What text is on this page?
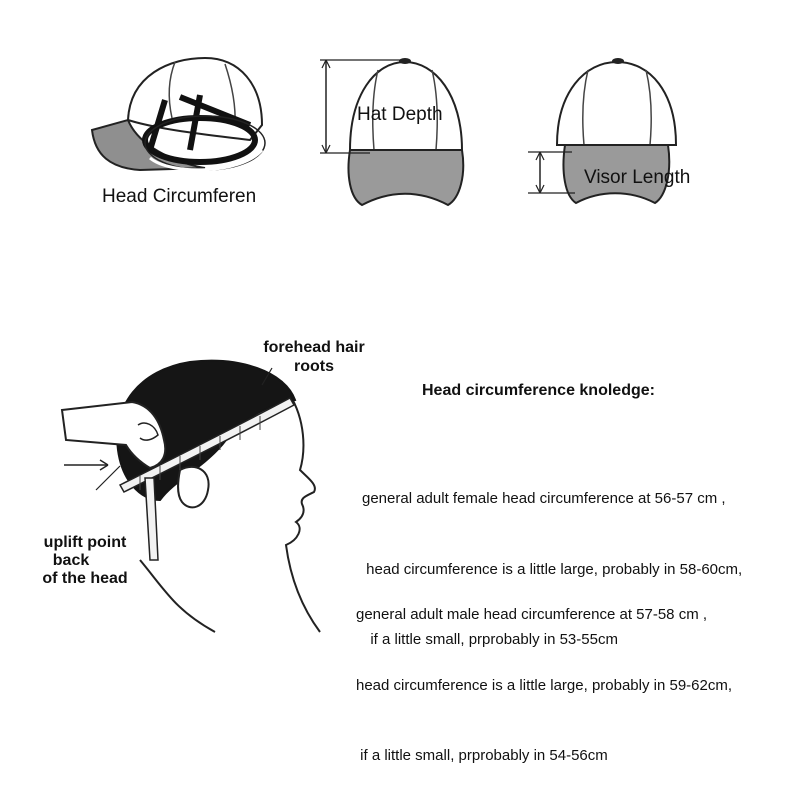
Head Circumferen
Hat Depth
Visor Length
forehead hair
roots
uplift point
back
of the head
Head circumference knoledge:

general adult female head circumference at 56-57 cm ,

head circumference is a little large, probably in 58-60cm,

if a little small, prprobably in 53-55cm

general adult male head circumference at 57-58 cm ,

head circumference is a little large, probably in 59-62cm,

if a little small, prprobably in 54-56cm
